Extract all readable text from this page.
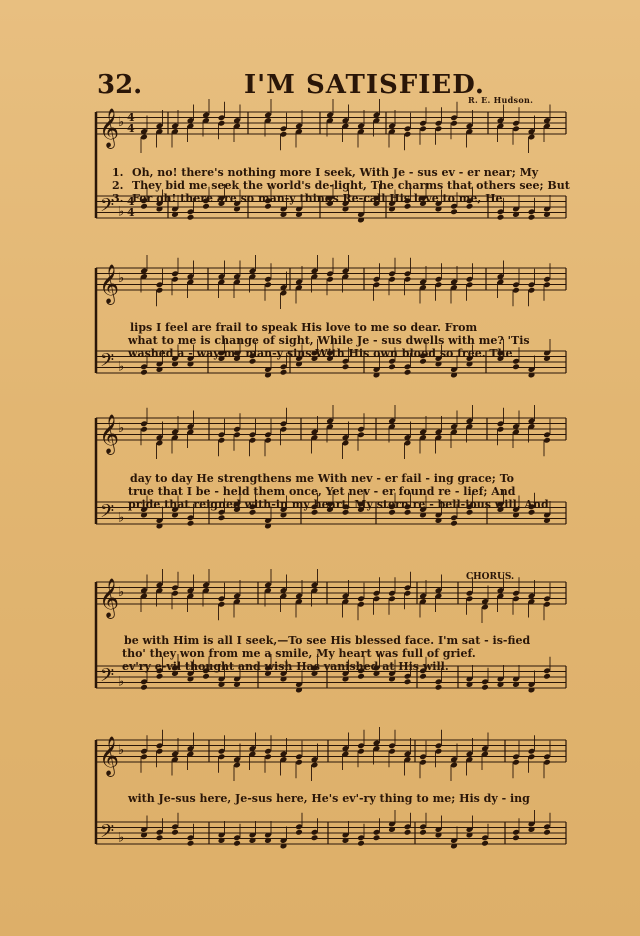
32.	I'M SATISFIED.
R. E. Hudson.
𝄞
𝄢
♭
♭
4
4
4
4
𝄞
𝄢
♭
♭
𝄞
𝄢
♭
♭
𝄞
𝄢
♭
♭
𝄞
𝄢
♭
♭
1. Oh, no! there's nothing more I seek, With Je - sus ev - er near; My
2. They bid me seek the world's de-light, The charms that others see; But
3. For oh! there are so man-y things Re-call His love to me, He
lips I feel are frail to speak His love to me so dear. From
what to me is change of sight, While Je - sus dwells with me? 'Tis
washed a - way my man-y sins With His own blood so free. The
day to day He strengthens me With nev - er fail - ing grace; To
true that I be - held them once, Yet nev - er found re - lief; And
pride that reigned with-in my heart, My stern re - bell-ious will, And
CHORUS.
be with Him is all I seek,—To see His blessed face. I'm sat - is-fied
tho' they won from me a smile, My heart was full of grief.
ev'ry e-vil thought and wish Has vanished at His will.
with Je-sus here, Je-sus here, He's ev'-ry thing to me; His dy - ing
